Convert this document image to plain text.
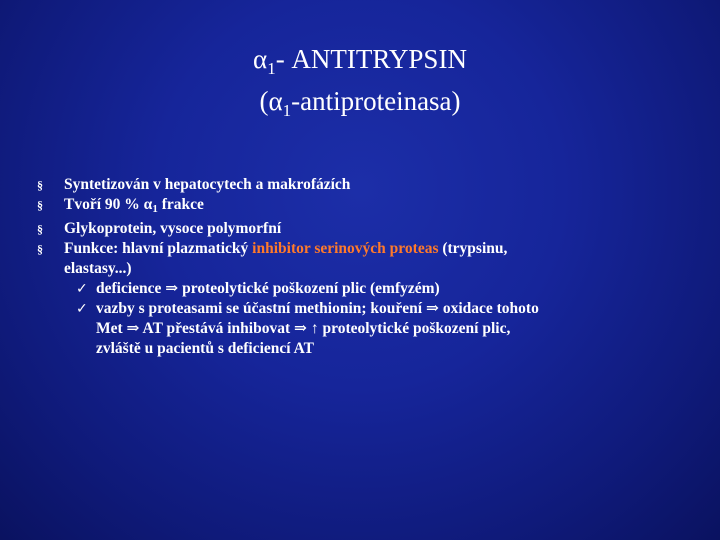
$\alpha_1-$ ANTITRYPSIN
$(\alpha_1-antiproteinasa)$
§ Syntetizován v hepatocytech a makrofázích
§ Tvoří 90 % α1 frakce
§ Glykoprotein, vysoce polymorfní
§ Funkce: hlavní plazmatický inhibitor serinových proteas (trypsinu,
elastasy...)
✓ deficience ⇒ proteolytické poškození plic (emfyzém)
✓ vazby s proteasami se účastní methionin; kouření ⇒ oxidace tohoto
Met ⇒ AT přestává inhibovat ⇒ ↑ proteolytické poškození plic,
zvláště u pacientů s deficiencí AT
